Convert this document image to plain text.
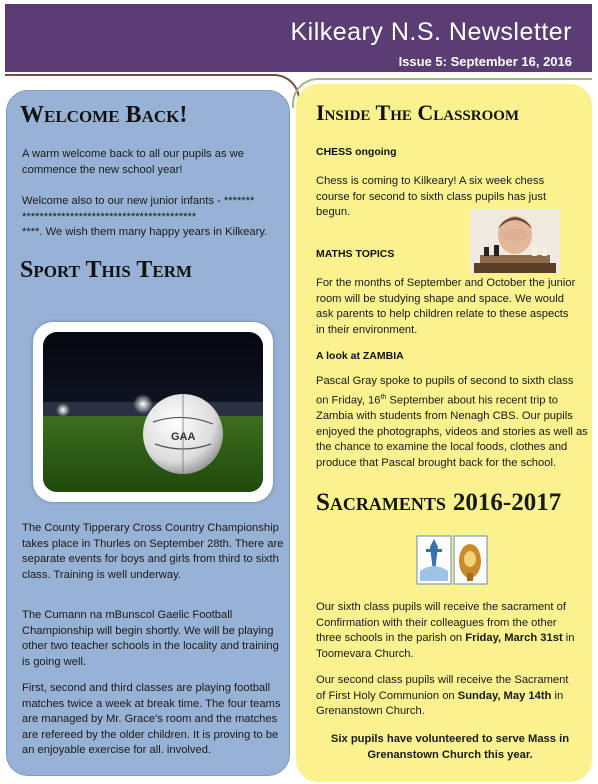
Kilkeary N.S. Newsletter
Issue 5: September 16, 2016
Welcome Back!
A warm welcome back to all our pupils as we commence the new school year!
Welcome also to our new junior infants - *******
****************************************
****. We wish them many happy years in Kilkeary.
Sport This Term
GAA
The County Tipperary Cross Country Championship takes place in Thurles on September 28th. There are separate events for boys and girls from third to sixth class. Training is well underway.
The Cumann na mBunscol Gaelic Football Championship will begin shortly. We will be playing other two teacher schools in the locality and training is going well.
First, second and third classes are playing football matches twice a week at break time. The four teams are managed by Mr. Grace's room and the matches are refereed by the older children. It is proving to be an enjoyable exercise for all. involved.
Inside The Classroom
CHESS ongoing
Chess is coming to Kilkeary! A six week chess course for second to sixth class pupils has just begun.
MATHS TOPICS
For the months of September and October the junior room will be studying shape and space. We would ask parents to help children relate to these aspects in their environment.
A look at ZAMBIA
Pascal Gray spoke to pupils of second to sixth class on Friday, 16th September about his recent trip to Zambia with students from Nenagh CBS. Our pupils enjoyed the photographs, videos and stories as well as the chance to examine the local foods, clothes and produce that Pascal brought back for the school.
Sacraments 2016-2017
Our sixth class pupils will receive the sacrament of Confirmation with their colleagues from the other three schools in the parish on Friday, March 31st in Toomevara Church.
Our second class pupils will receive the Sacrament of First Holy Communion on Sunday, May 14th in Grenanstown Church.
Six pupils have volunteered to serve Mass in Grenanstown Church this year.
